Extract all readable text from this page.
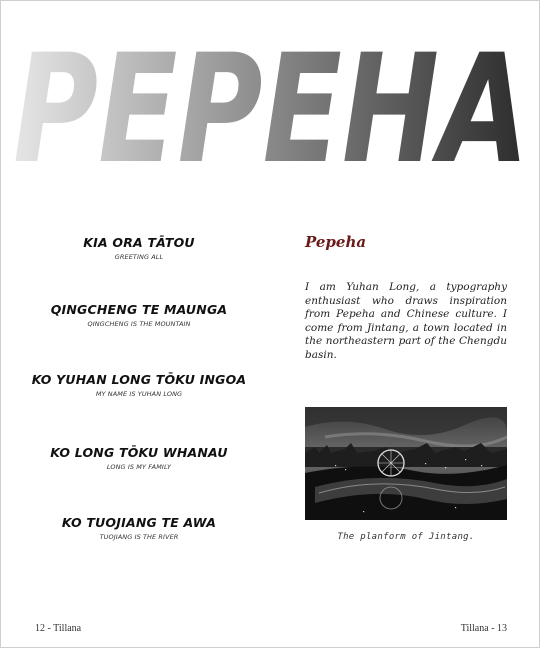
PEPEHA
KIA ORA TĀTOU
GREETING ALL
QINGCHENG TE MAUNGA
QINGCHENG IS THE MOUNTAIN
KO YUHAN LONG TŌKU INGOA
MY NAME IS YUHAN LONG
KO LONG TŌKU WHANAU
LONG IS MY FAMILY
KO TUOJIANG TE AWA
TUOJIANG IS THE RIVER
Pepeha
I am Yuhan Long, a typography enthusiast who draws inspiration from Pepeha and Chinese culture. I come from Jintang, a town located in the northeastern part of the Chengdu basin.
The planform of Jintang.
12 - Tillana	Tillana - 13
